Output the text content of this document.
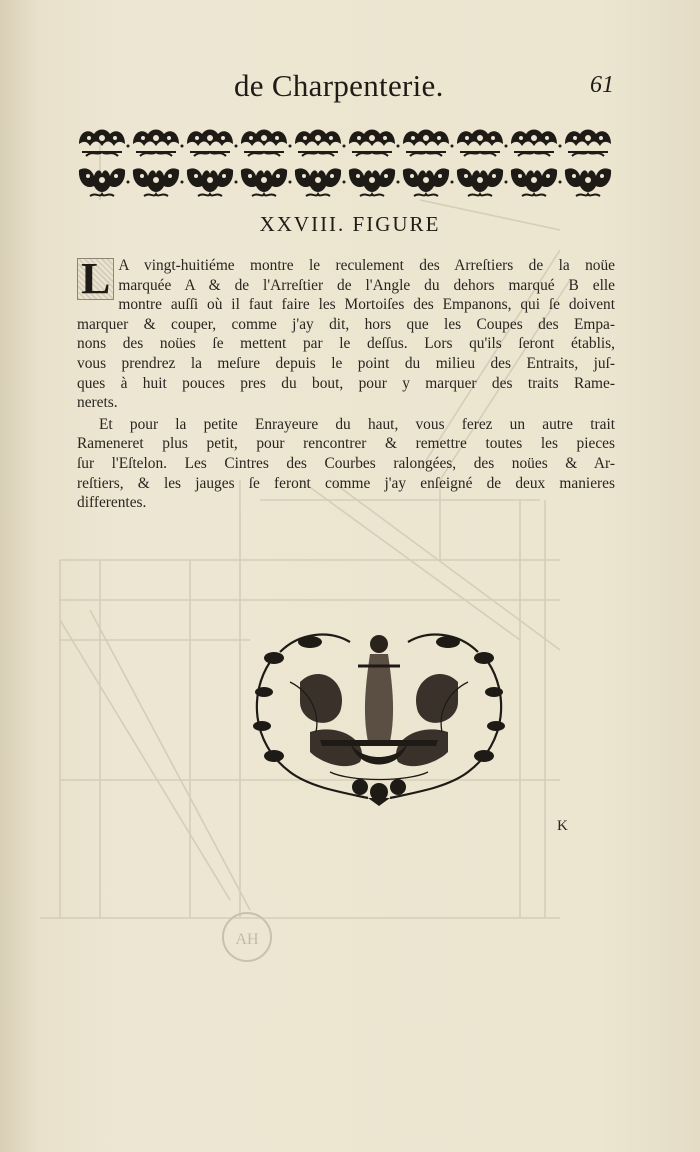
de Charpenterie.	61
XXVIII. FIGURE
L A vingt-huitiéme montre le reculement des Arreſtiers de la noüe
marquée A & de l'Arreſtier de l'Angle du dehors marqué B elle
montre auſſi où il faut faire les Mortoiſes des Empanons, qui ſe doivent
marquer & couper, comme j'ay dit, hors que les Coupes des Empa-
nons des noües ſe mettent par le deſſus. Lors qu'ils ſeront établis,
vous prendrez la meſure depuis le point du milieu des Entraits, juſ-
ques à huit pouces pres du bout, pour y marquer des traits Rame-
nerets.
Et pour la petite Enrayeure du haut, vous ferez un autre trait
Rameneret plus petit, pour rencontrer & remettre toutes les pieces
ſur l'Eſtelon. Les Cintres des Courbes ralongées, des noües & Ar-
reſtiers, & les jauges ſe feront comme j'ay enſeigné de deux manieres
differentes.
K
AH
